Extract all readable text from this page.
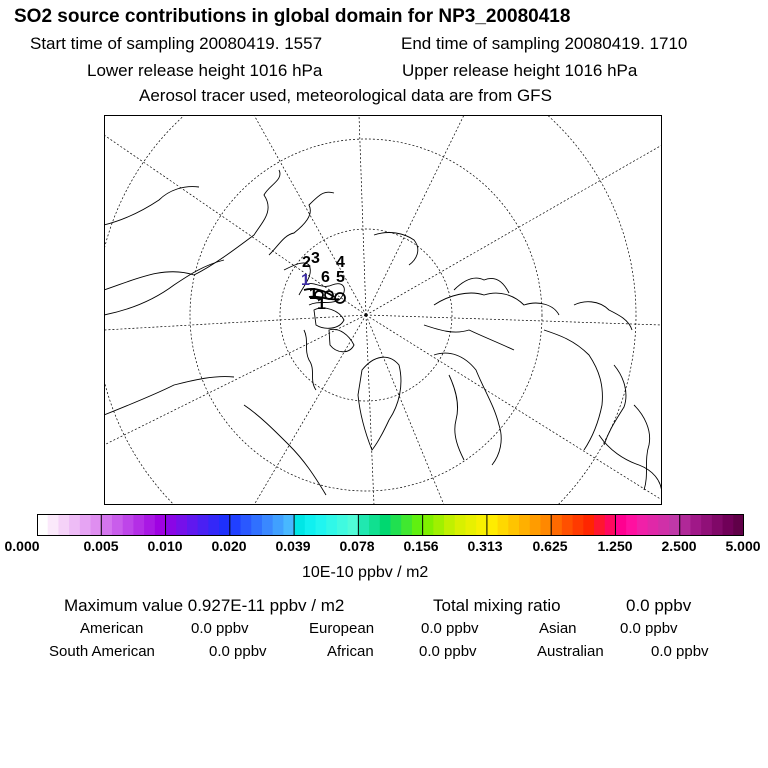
SO2 source contributions in global domain for NP3_20080418
Start time of sampling 20080419. 1557	End time of sampling 20080419. 1710
Lower release height 1016 hPa	Upper release height 1016 hPa
Aerosol tracer used, meteorological data are from GFS
2 3 4
5
6
1
1
1
0.000	0.005 0.010 0.020 0.039 0.078 0.156 0.313 0.625 1.250 2.500 5.000
10E-10 ppbv / m2
Maximum value 0.927E-11 ppbv / m2	Total mixing ratio	0.0 ppbv
American	0.0 ppbv	European	0.0 ppbv	Asian	0.0 ppbv
South American	0.0 ppbv	African	0.0 ppbv	Australian	0.0 ppbv
